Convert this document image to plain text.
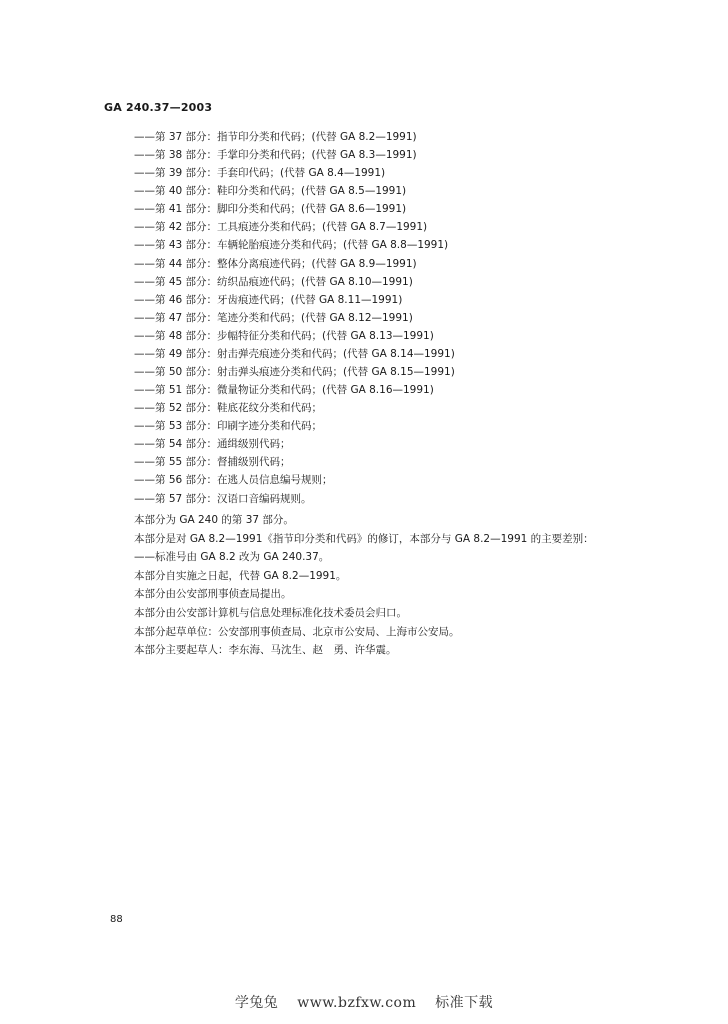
GA 240.37—2003
——第 37 部分：指节印分类和代码；(代替 GA 8.2—1991)
——第 38 部分：手掌印分类和代码；(代替 GA 8.3—1991)
——第 39 部分：手套印代码；(代替 GA 8.4—1991)
——第 40 部分：鞋印分类和代码；(代替 GA 8.5—1991)
——第 41 部分：脚印分类和代码；(代替 GA 8.6—1991)
——第 42 部分：工具痕迹分类和代码；(代替 GA 8.7—1991)
——第 43 部分：车辆轮胎痕迹分类和代码；(代替 GA 8.8—1991)
——第 44 部分：整体分离痕迹代码；(代替 GA 8.9—1991)
——第 45 部分：纺织品痕迹代码；(代替 GA 8.10—1991)
——第 46 部分：牙齿痕迹代码；(代替 GA 8.11—1991)
——第 47 部分：笔迹分类和代码；(代替 GA 8.12—1991)
——第 48 部分：步幅特征分类和代码；(代替 GA 8.13—1991)
——第 49 部分：射击弹壳痕迹分类和代码；(代替 GA 8.14—1991)
——第 50 部分：射击弹头痕迹分类和代码；(代替 GA 8.15—1991)
——第 51 部分：微量物证分类和代码；(代替 GA 8.16—1991)
——第 52 部分：鞋底花纹分类和代码；
——第 53 部分：印刷字迹分类和代码；
——第 54 部分：通缉级别代码；
——第 55 部分：督捕级别代码；
——第 56 部分：在逃人员信息编号规则；
——第 57 部分：汉语口音编码规则。
本部分为 GA 240 的第 37 部分。
本部分是对 GA 8.2—1991《指节印分类和代码》的修订，本部分与 GA 8.2—1991 的主要差别：
——标准号由 GA 8.2 改为 GA 240.37。
本部分自实施之日起，代替 GA 8.2—1991。
本部分由公安部刑事侦查局提出。
本部分由公安部计算机与信息处理标准化技术委员会归口。
本部分起草单位：公安部刑事侦查局、北京市公安局、上海市公安局。
本部分主要起草人：李东海、马沈生、赵　勇、许华震。
88
学兔兔 www.bzfxw.com 标准下载
